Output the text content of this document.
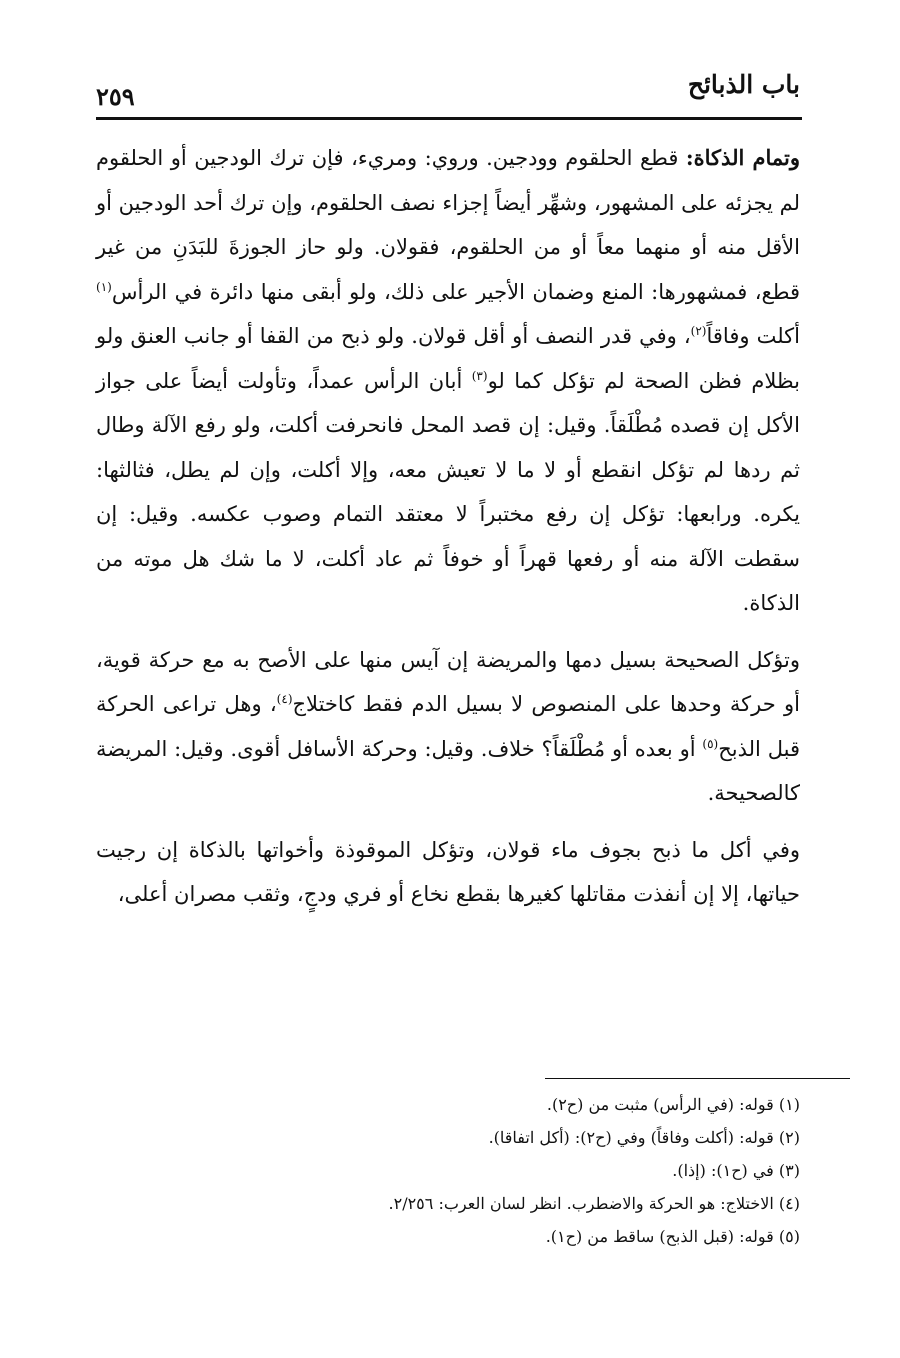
باب الذبائح
٢٥٩

وتمام الذكاة: قطع الحلقوم وودجين. وروي: ومريء، فإن ترك الودجين أو الحلقوم لم يجزئه على المشهور، وشهِّر أيضاً إجزاء نصف الحلقوم، وإن ترك أحد الودجين أو الأقل منه أو منهما معاً أو من الحلقوم، فقولان. ولو حاز الجوزةَ للبَدَنِ من غير قطع، فمشهورها: المنع وضمان الأجير على ذلك، ولو أبقى منها دائرة في الرأس$^{(١)}$ أكلت وفاقاً$^{(٢)}$، وفي قدر النصف أو أقل قولان. ولو ذبح من القفا أو جانب العنق ولو بظلام فظن الصحة لم تؤكل كما لو$^{(٣)}$ أبان الرأس عمداً، وتأولت أيضاً على جواز الأكل إن قصده مُطْلَقاً. وقيل: إن قصد المحل فانحرفت أكلت، ولو رفع الآلة وطال ثم ردها لم تؤكل انقطع أو لا ما لا تعيش معه، وإلا أكلت، وإن لم يطل، فثالثها: يكره. ورابعها: تؤكل إن رفع مختبراً لا معتقد التمام وصوب عكسه. وقيل: إن سقطت الآلة منه أو رفعها قهراً أو خوفاً ثم عاد أكلت، لا ما شك هل موته من الذكاة.

وتؤكل الصحيحة بسيل دمها والمريضة إن آيس منها على الأصح به مع حركة قوية، أو حركة وحدها على المنصوص لا بسيل الدم فقط كاختلاج$^{(٤)}$، وهل تراعى الحركة قبل الذبح$^{(٥)}$ أو بعده أو مُطْلَقاً؟ خلاف. وقيل: وحركة الأسافل أقوى. وقيل: المريضة كالصحيحة.

وفي أكل ما ذبح بجوف ماء قولان، وتؤكل الموقوذة وأخواتها بالذكاة إن رجيت حياتها، إلا إن أنفذت مقاتلها كغيرها بقطع نخاع أو فري ودجٍ، وثقب مصران أعلى،

(١) قوله: (في الرأس) مثبت من (ح٢).

(٢) قوله: (أكلت وفاقاً) وفي (ح٢): (أكل اتفاقا).

(٣) في (ح١): (إذا).

(٤) الاختلاج: هو الحركة والاضطرب. انظر لسان العرب: ٢/٢٥٦.

(٥) قوله: (قبل الذبح) ساقط من (ح١).
